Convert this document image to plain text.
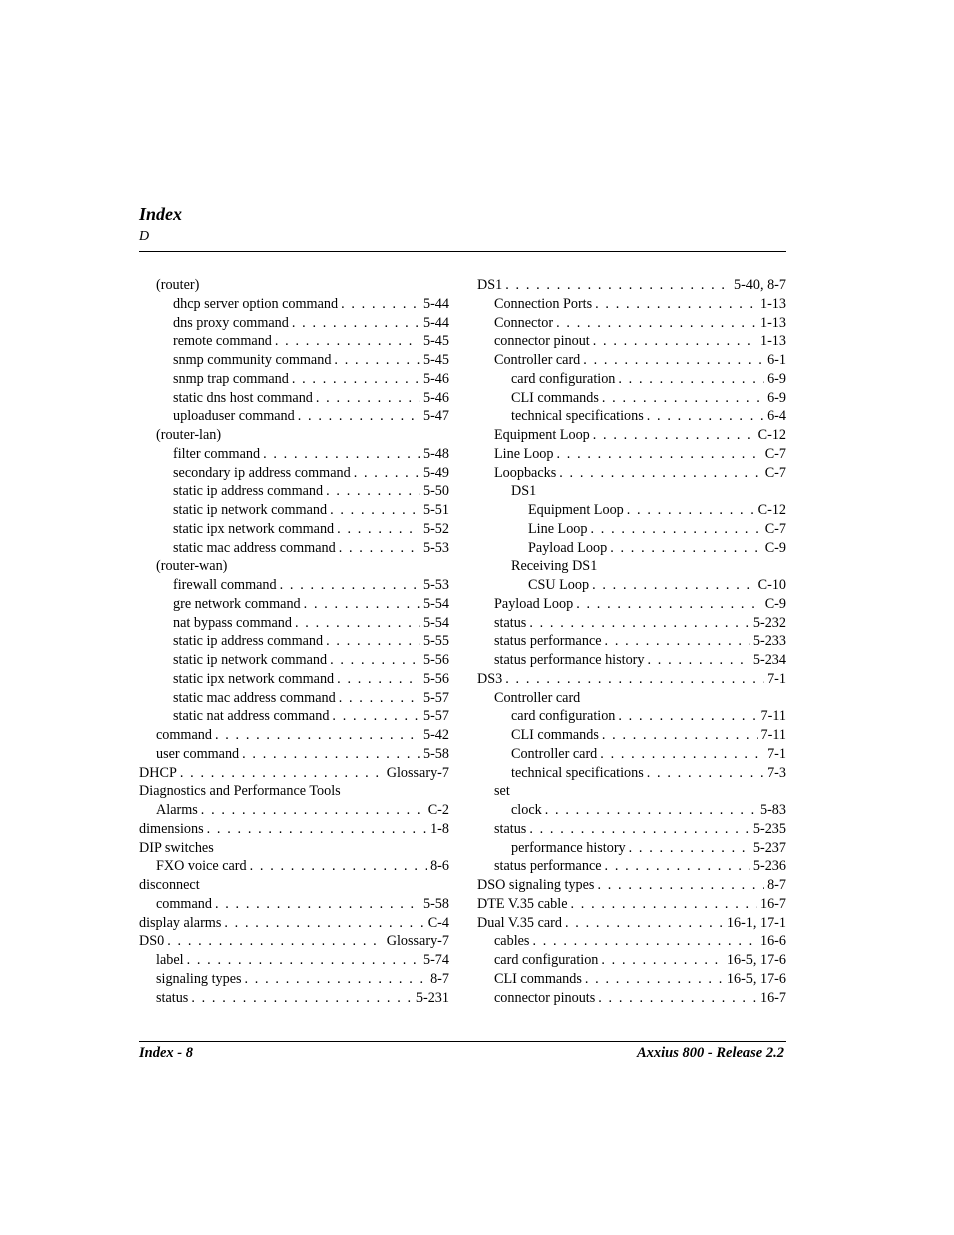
Index
D
(router)
dhcp server option command . . .	5-44
dns proxy command . . .	5-44
remote command . . .	5-45
snmp community command . . .	5-45
snmp trap command . . .	5-46
static dns host command . . .	5-46
uploaduser command . . .	5-47
(router-lan)
filter command . . .	5-48
secondary ip address command . . .	5-49
static ip address command . . .	5-50
static ip network command . . .	5-51
static ipx network command . . .	5-52
static mac address command . . .	5-53
(router-wan)
firewall command . . .	5-53
gre network command . . .	5-54
nat bypass command . . .	5-54
static ip address command . . .	5-55
static ip network command . . .	5-56
static ipx network command . . .	5-56
static mac address command . . .	5-57
static nat address command . . .	5-57
command . . .	5-42
user command . . .	5-58
DHCP . . .	Glossary-7
Diagnostics and Performance Tools
Alarms . . .	C-2
dimensions . . .	1-8
DIP switches
FXO voice card . . .	8-6
disconnect
command . . .	5-58
display alarms . . .	C-4
DS0 . . .	Glossary-7
label . . .	5-74
signaling types . . .	8-7
status . . .	5-231
DS1 . . .	5-40, 8-7
Connection Ports . . .	1-13
Connector . . .	1-13
connector pinout . . .	1-13
Controller card . . .	6-1
card configuration . . .	6-9
CLI commands . . .	6-9
technical specifications . . .	6-4
Equipment Loop . . .	C-12
Line Loop . . .	C-7
Loopbacks . . .	C-7
DS1
Equipment Loop . . .	C-12
Line Loop . . .	C-7
Payload Loop . . .	C-9
Receiving DS1
CSU Loop . . .	C-10
Payload Loop . . .	C-9
status . . .	5-232
status performance . . .	5-233
status performance history . . .	5-234
DS3 . . .	7-1
Controller card
card configuration . . .	7-11
CLI commands . . .	7-11
Controller card . . .	7-1
technical specifications . . .	7-3
set
clock . . .	5-83
status . . .	5-235
performance history . . .	5-237
status performance . . .	5-236
DSO signaling types . . .	8-7
DTE V.35 cable . . .	16-7
Dual V.35 card . . .	16-1, 17-1
cables . . .	16-6
card configuration . . .	16-5, 17-6
CLI commands . . .	16-5, 17-6
connector pinouts . . .	16-7
Index - 8	Axxius 800 - Release 2.2
